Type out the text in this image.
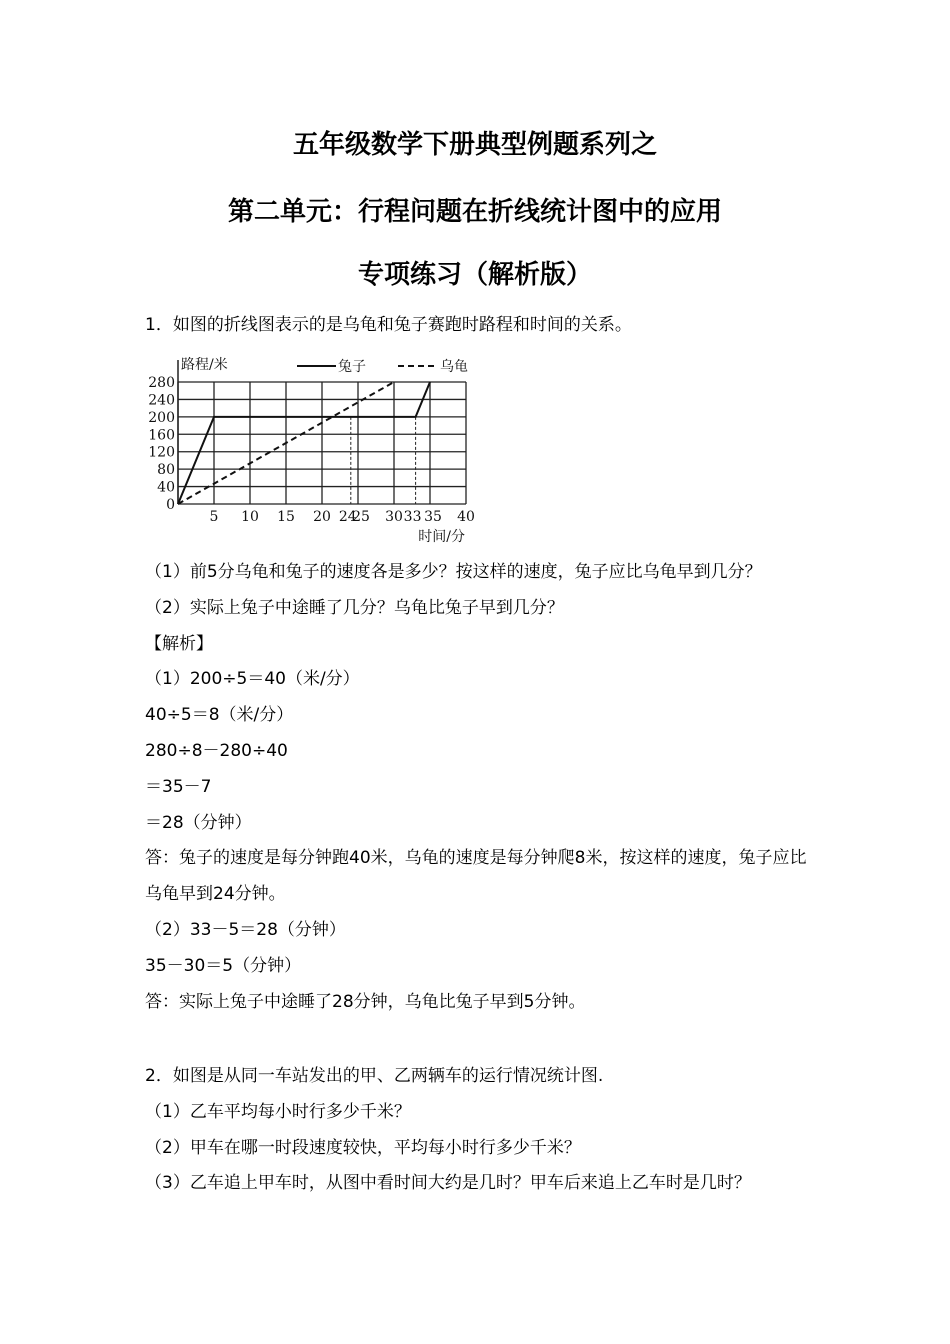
五年级数学下册典型例题系列之
第二单元：行程问题在折线统计图中的应用
专项练习（解析版）
1．如图的折线图表示的是乌龟和兔子赛跑时路程和时间的关系。
0
40
80
120
160
200
240
280
5 10 15 20 24
25 30 33 35 40
路程/米
时间/分
兔子	乌龟

（1）前5分乌龟和兔子的速度各是多少？按这样的速度，兔子应比乌龟早到几分？

（2）实际上兔子中途睡了几分？乌龟比兔子早到几分？

【解析】

（1）200÷5＝40（米/分）

40÷5＝8（米/分）

280÷8－280÷40

＝35－7

＝28（分钟）

答：兔子的速度是每分钟跑40米，乌龟的速度是每分钟爬8米，按这样的速度，兔子应比乌龟早到24分钟。

（2）33－5＝28（分钟）

35－30＝5（分钟）

答：实际上兔子中途睡了28分钟，乌龟比兔子早到5分钟。

2．如图是从同一车站发出的甲、乙两辆车的运行情况统计图.

（1）乙车平均每小时行多少千米？

（2）甲车在哪一时段速度较快，平均每小时行多少千米？

（3）乙车追上甲车时，从图中看时间大约是几时？甲车后来追上乙车时是几时？
